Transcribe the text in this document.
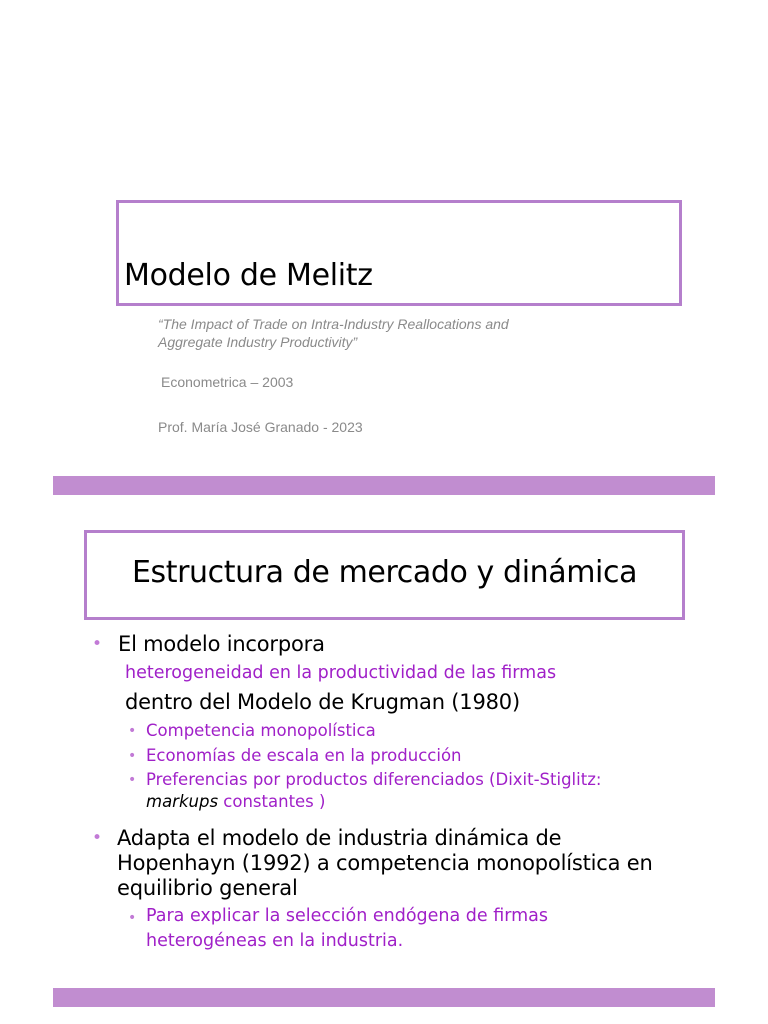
Modelo de Melitz
“The Impact of Trade on Intra-Industry Reallocations and
Aggregate Industry Productivity”
Econometrica – 2003
Prof. María José Granado - 2023
Estructura de mercado y dinámica
• El modelo incorpora
heterogeneidad en la productividad de las firmas
dentro del Modelo de Krugman (1980)
• Competencia monopolística
• Economías de escala en la producción
• Preferencias por productos diferenciados (Dixit-Stiglitz:
markups constantes )
• Adapta el modelo de industria dinámica de
Hopenhayn (1992) a competencia monopolística en
equilibrio general
• Para explicar la selección endógena de firmas
heterogéneas en la industria.
